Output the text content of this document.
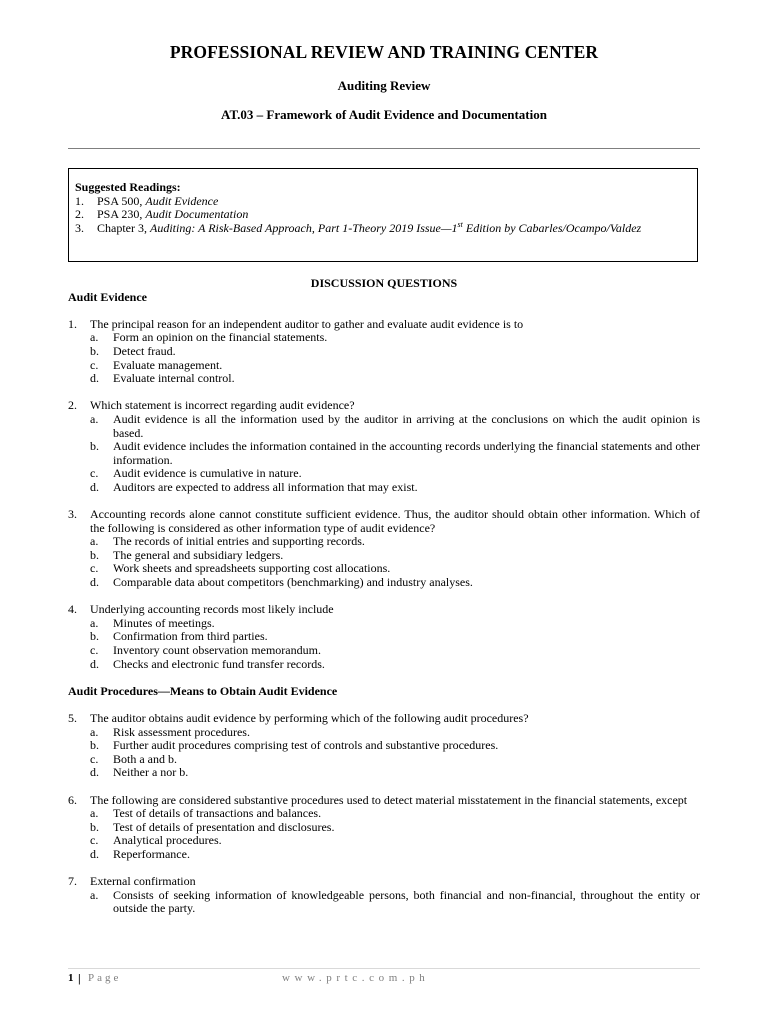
PROFESSIONAL REVIEW AND TRAINING CENTER
Auditing Review
AT.03 – Framework of Audit Evidence and Documentation
Suggested Readings:
1.	PSA 500, Audit Evidence
2.	PSA 230, Audit Documentation
3.	Chapter 3, Auditing: A Risk-Based Approach, Part 1-Theory 2019 Issue—1st Edition by Cabarles/Ocampo/Valdez
DISCUSSION QUESTIONS
Audit Evidence
1.	The principal reason for an independent auditor to gather and evaluate audit evidence is to
a.	Form an opinion on the financial statements.
b.	Detect fraud.
c.	Evaluate management.
d.	Evaluate internal control.
2.	Which statement is incorrect regarding audit evidence?
a.	Audit evidence is all the information used by the auditor in arriving at the conclusions on which the audit opinion is based.
b.	Audit evidence includes the information contained in the accounting records underlying the financial statements and other information.
c.	Audit evidence is cumulative in nature.
d.	Auditors are expected to address all information that may exist.
3.	Accounting records alone cannot constitute sufficient evidence. Thus, the auditor should obtain other information. Which of the following is considered as other information type of audit evidence?
a.	The records of initial entries and supporting records.
b.	The general and subsidiary ledgers.
c.	Work sheets and spreadsheets supporting cost allocations.
d.	Comparable data about competitors (benchmarking) and industry analyses.
4.	Underlying accounting records most likely include
a.	Minutes of meetings.
b.	Confirmation from third parties.
c.	Inventory count observation memorandum.
d.	Checks and electronic fund transfer records.
Audit Procedures—Means to Obtain Audit Evidence
5.	The auditor obtains audit evidence by performing which of the following audit procedures?
a.	Risk assessment procedures.
b.	Further audit procedures comprising test of controls and substantive procedures.
c.	Both a and b.
d.	Neither a nor b.
6.	The following are considered substantive procedures used to detect material misstatement in the financial statements, except
a.	Test of details of transactions and balances.
b.	Test of details of presentation and disclosures.
c.	Analytical procedures.
d.	Reperformance.
7.	External confirmation
a.	Consists of seeking information of knowledgeable persons, both financial and non-financial, throughout the entity or outside the party.
1 | Page	www.prtc.com.ph
